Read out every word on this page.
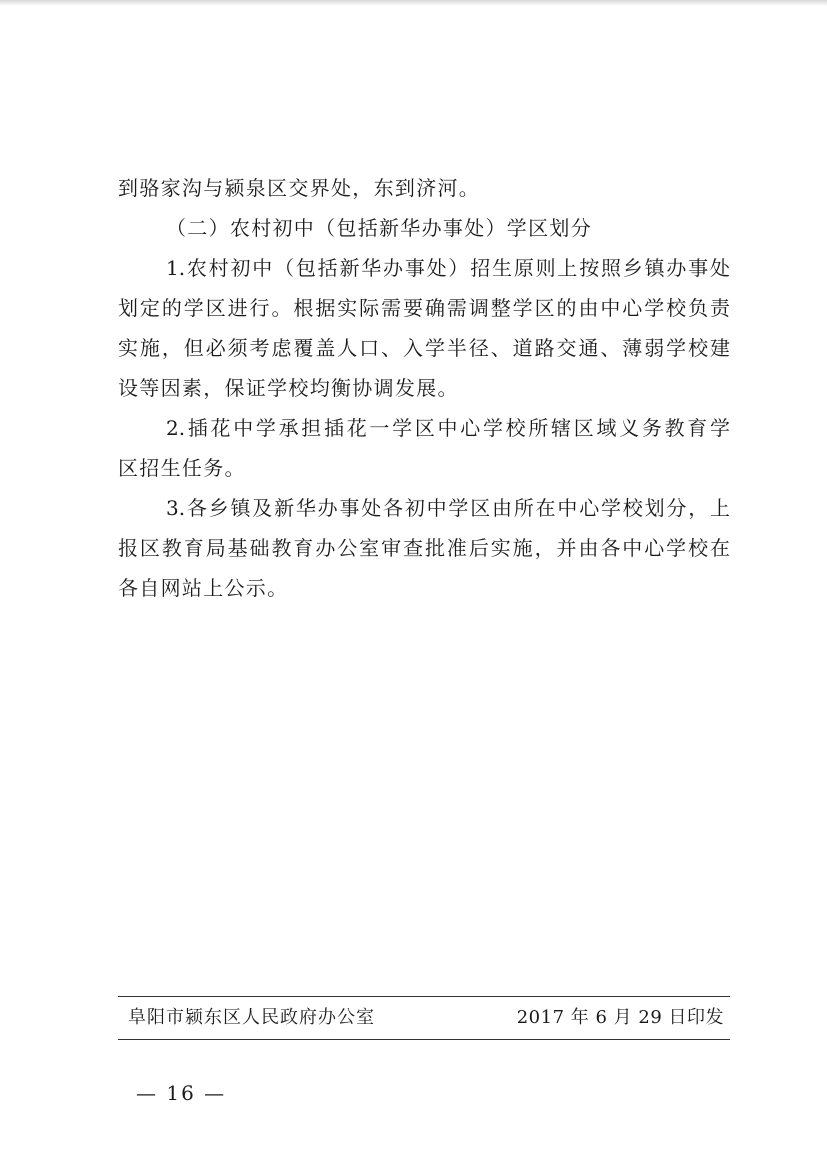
到骆家沟与颍泉区交界处，东到济河。
（二）农村初中（包括新华办事处）学区划分
1.农村初中（包括新华办事处）招生原则上按照乡镇办事处
划定的学区进行。根据实际需要确需调整学区的由中心学校负责
实施，但必须考虑覆盖人口、入学半径、道路交通、薄弱学校建
设等因素，保证学校均衡协调发展。
2.插花中学承担插花一学区中心学校所辖区域义务教育学
区招生任务。
3.各乡镇及新华办事处各初中学区由所在中心学校划分，上
报区教育局基础教育办公室审查批准后实施，并由各中心学校在
各自网站上公示。
阜阳市颍东区人民政府办公室	2017 年 6 月 29 日印发
— 16 —
